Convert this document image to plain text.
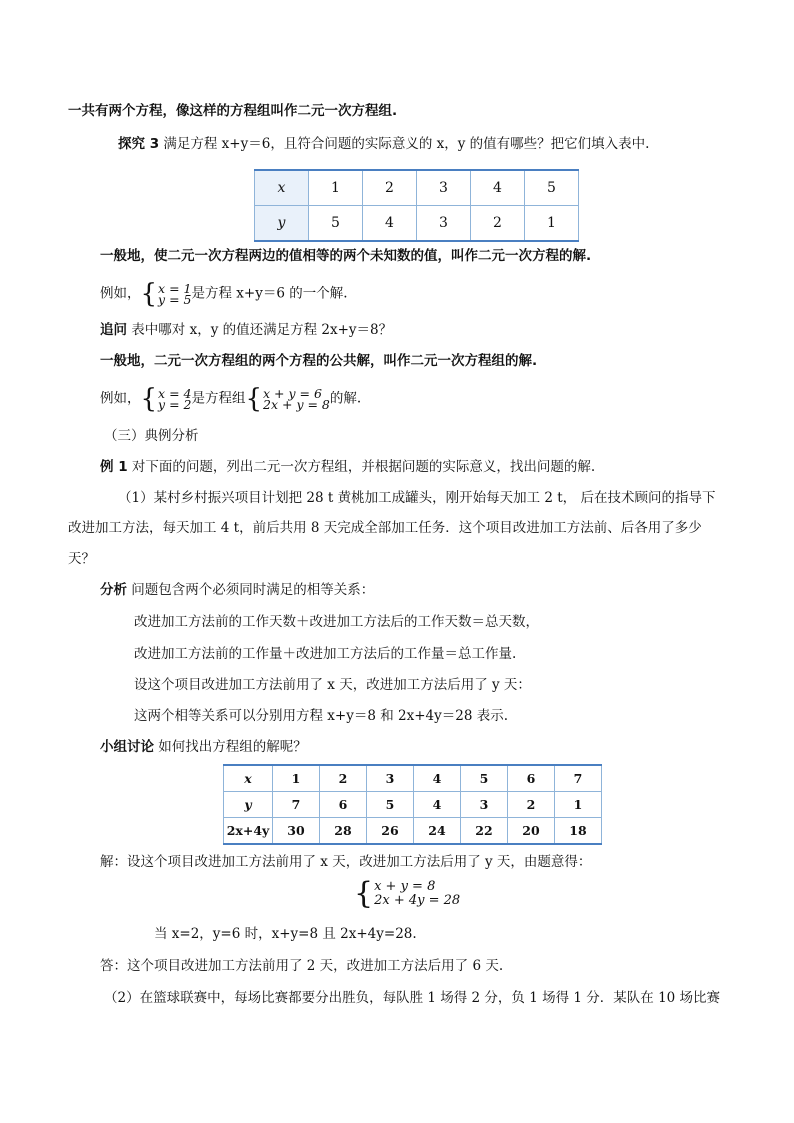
一共有两个方程，像这样的方程组叫作二元一次方程组.
探究 3 满足方程 x+y＝6，且符合问题的实际意义的 x，y 的值有哪些？把它们填入表中.
x	1	2	3	4	5
y	5	4	3	2	1
一般地，使二元一次方程两边的值相等的两个未知数的值，叫作二元一次方程的解.
例如， { x = 1
y = 5 是方程 x+y＝6 的一个解.
追问 表中哪对 x，y 的值还满足方程 2x+y＝8？
一般地，二元一次方程组的两个方程的公共解，叫作二元一次方程组的解.
例如， { x = 4
y = 2 是方程组 { x + y = 6
2x + y = 8 的解.
（三）典例分析
例 1 对下面的问题，列出二元一次方程组，并根据问题的实际意义，找出问题的解.
（1）某村乡村振兴项目计划把 28 t 黄桃加工成罐头，刚开始每天加工 2 t， 后在技术顾问的指导下
改进加工方法，每天加工 4 t，前后共用 8 天完成全部加工任务．这个项目改进加工方法前、后各用了多少
天？
分析 问题包含两个必须同时满足的相等关系：
改进加工方法前的工作天数＋改进加工方法后的工作天数＝总天数，
改进加工方法前的工作量＋改进加工方法后的工作量＝总工作量.
设这个项目改进加工方法前用了 x 天，改进加工方法后用了 y 天：
这两个相等关系可以分别用方程 x+y＝8 和 2x+4y＝28 表示.
小组讨论 如何找出方程组的解呢？
x	1	2	3	4	5	6	7
y	7	6	5	4	3	2	1
2x+4y	30	28	26	24	22	20	18
解：设这个项目改进加工方法前用了 x 天，改进加工方法后用了 y 天，由题意得：
{ x + y = 8
2x + 4y = 28
当 x=2，y=6 时，x+y=8 且 2x+4y=28.
答：这个项目改进加工方法前用了 2 天，改进加工方法后用了 6 天.
（2）在篮球联赛中，每场比赛都要分出胜负，每队胜 1 场得 2 分，负 1 场得 1 分．某队在 10 场比赛
